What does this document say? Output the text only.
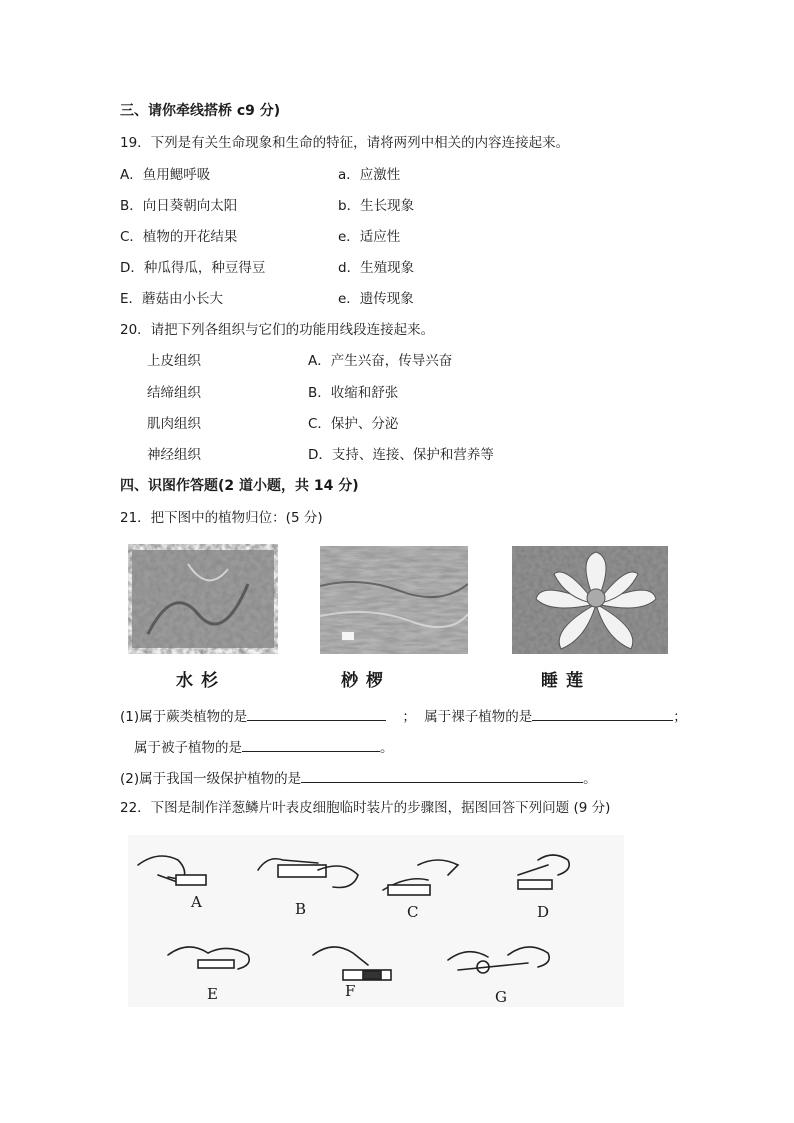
三、请你牵线搭桥 c9 分)
19．下列是有关生命现象和生命的特征，请将两列中相关的内容连接起来。
A．鱼用鳃呼吸	a．应激性
B．向日葵朝向太阳	b．生长现象
C．植物的开花结果	e．适应性
D．种瓜得瓜，种豆得豆	d．生殖现象
E．蘑菇由小长大	e．遗传现象
20．请把下列各组织与它们的功能用线段连接起来。
上皮组织	A．产生兴奋，传导兴奋
结缔组织	B．收缩和舒张
肌肉组织	C．保护、分泌
神经组织	D．支持、连接、保护和营养等
四、识图作答题(2 道小题，共 14 分)
21．把下图中的植物归位：(5 分)
水杉	桫椤	睡莲
(1)属于蕨类植物的是	； 属于裸子植物的是	；
属于被子植物的是	。
(2)属于我国一级保护植物的是	。
22．下图是制作洋葱鳞片叶表皮细胞临时装片的步骤图，据图回答下列问题 (9 分)
A	B	C	D
E	F	G
